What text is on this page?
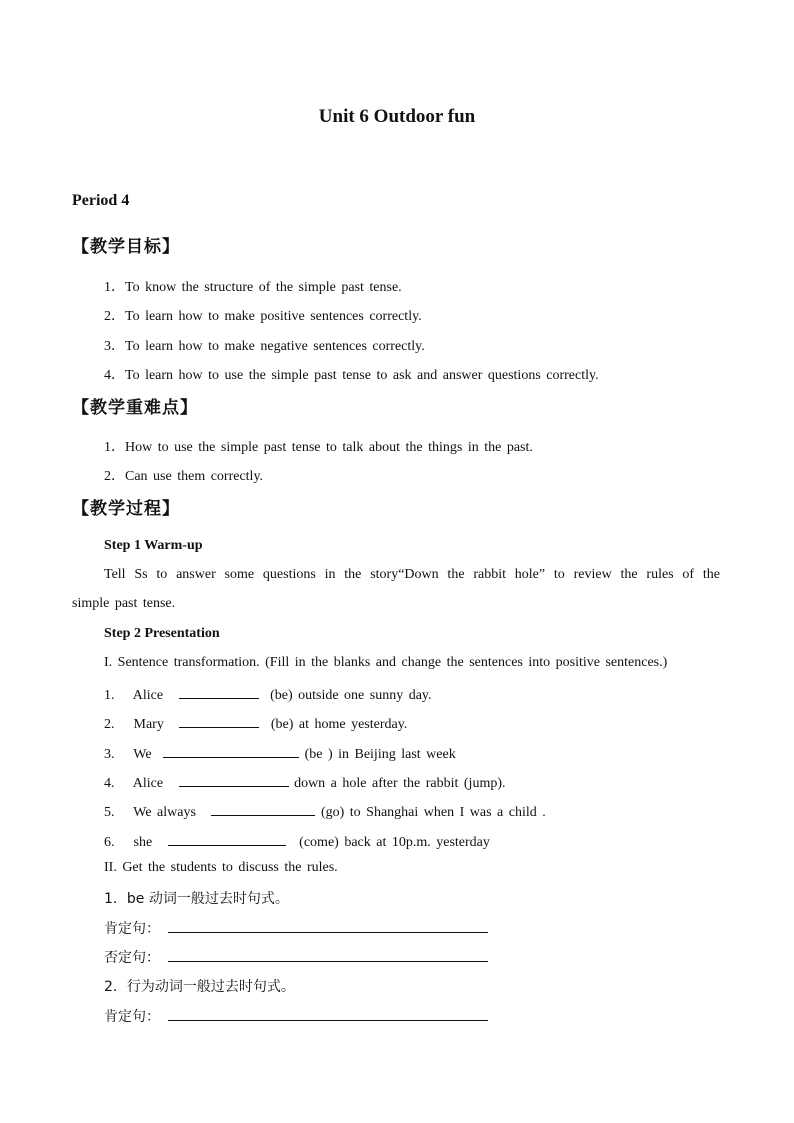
Unit 6 Outdoor fun
Period 4
【教学目标】
1．To know the structure of the simple past tense.
2．To learn how to make positive sentences correctly.
3．To learn how to make negative sentences correctly.
4．To learn how to use the simple past tense to ask and answer questions correctly.
【教学重难点】
1．How to use the simple past tense to talk about the things in the past.
2．Can use them correctly.
【教学过程】
Step 1 Warm-up
Tell Ss to answer some questions in the story“Down the rabbit hole” to review the rules of the
simple past tense.
Step 2 Presentation
I. Sentence transformation. (Fill in the blanks and change the sentences into positive sentences.)
1. Alice	(be) outside one sunny day.
2. Mary	(be) at home yesterday.
3. We	(be ) in Beijing last week
4. Alice	down a hole after the rabbit (jump).
5. We always	(go) to Shanghai when I was a child .
6. she	(come) back at 10p.m. yesterday
II. Get the students to discuss the rules.
1．be 动词一般过去时句式。
肯定句：
否定句：
2．行为动词一般过去时句式。
肯定句：
